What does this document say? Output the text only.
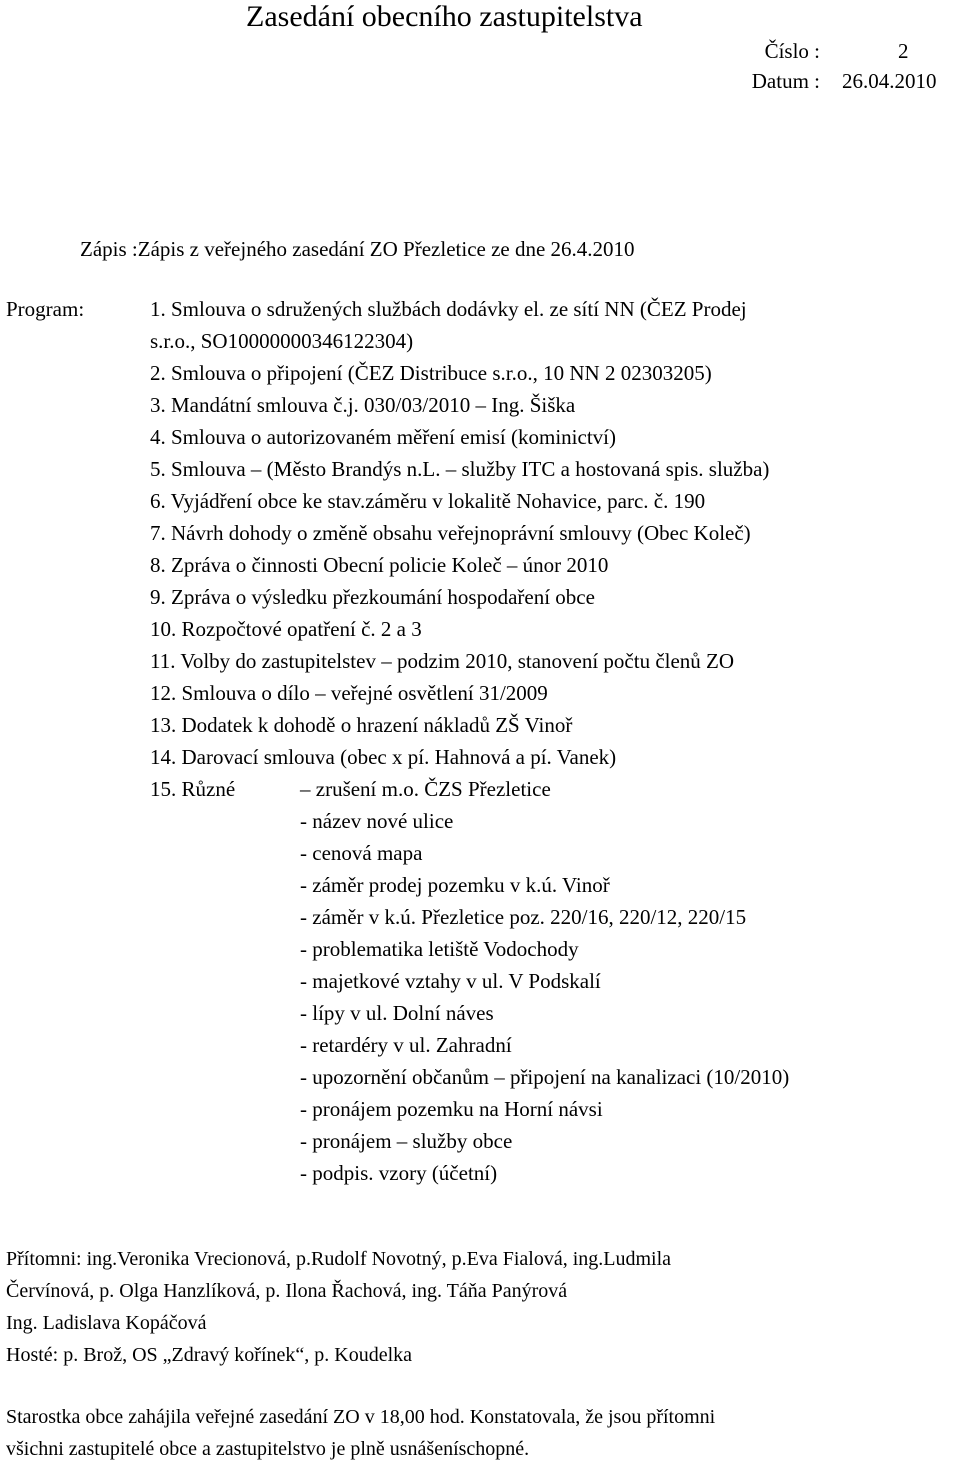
Zasedání obecního zastupitelstva
Číslo :	2
Datum : 26.04.2010
Zápis :Zápis z veřejného zasedání ZO Přezletice ze dne 26.4.2010
Program:	1. Smlouva o sdružených službách dodávky el. ze sítí NN (ČEZ Prodej
s.r.o., SO10000000346122304)
2. Smlouva o připojení (ČEZ Distribuce s.r.o., 10 NN 2 02303205)
3. Mandátní smlouva č.j. 030/03/2010 – Ing. Šiška
4. Smlouva o autorizovaném měření emisí (kominictví)
5. Smlouva – (Město Brandýs n.L. – služby ITC a hostovaná spis. služba)
6. Vyjádření obce ke stav.záměru v lokalitě Nohavice, parc. č. 190
7. Návrh dohody o změně obsahu veřejnoprávní smlouvy (Obec Koleč)
8. Zpráva o činnosti Obecní policie Koleč – únor 2010
9. Zpráva o výsledku přezkoumání hospodaření obce
10. Rozpočtové opatření č. 2 a 3
11. Volby do zastupitelstev – podzim 2010, stanovení počtu členů ZO
12. Smlouva o dílo – veřejné osvětlení 31/2009
13. Dodatek k dohodě o hrazení nákladů ZŠ Vinoř
14. Darovací smlouva (obec x pí. Hahnová a pí. Vanek)
15. Různé	– zrušení m.o. ČZS Přezletice
- název nové ulice
- cenová mapa
- záměr prodej pozemku v k.ú. Vinoř
- záměr v k.ú. Přezletice poz. 220/16, 220/12, 220/15
- problematika letiště Vodochody
- majetkové vztahy v ul. V Podskalí
- lípy v ul. Dolní náves
- retardéry v ul. Zahradní
- upozornění občanům – připojení na kanalizaci (10/2010)
- pronájem pozemku na Horní návsi
- pronájem – služby obce
- podpis. vzory (účetní)
Přítomni: ing.Veronika Vrecionová, p.Rudolf Novotný, p.Eva Fialová, ing.Ludmila
Červínová, p. Olga Hanzlíková, p. Ilona Řachová, ing. Táňa Panýrová
Ing. Ladislava Kopáčová
Hosté: p. Brož, OS „Zdravý kořínek“, p. Koudelka
Starostka obce zahájila veřejné zasedání ZO v 18,00 hod. Konstatovala, že jsou přítomni
všichni zastupitelé obce a zastupitelstvo je plně usnášeníschopné.
